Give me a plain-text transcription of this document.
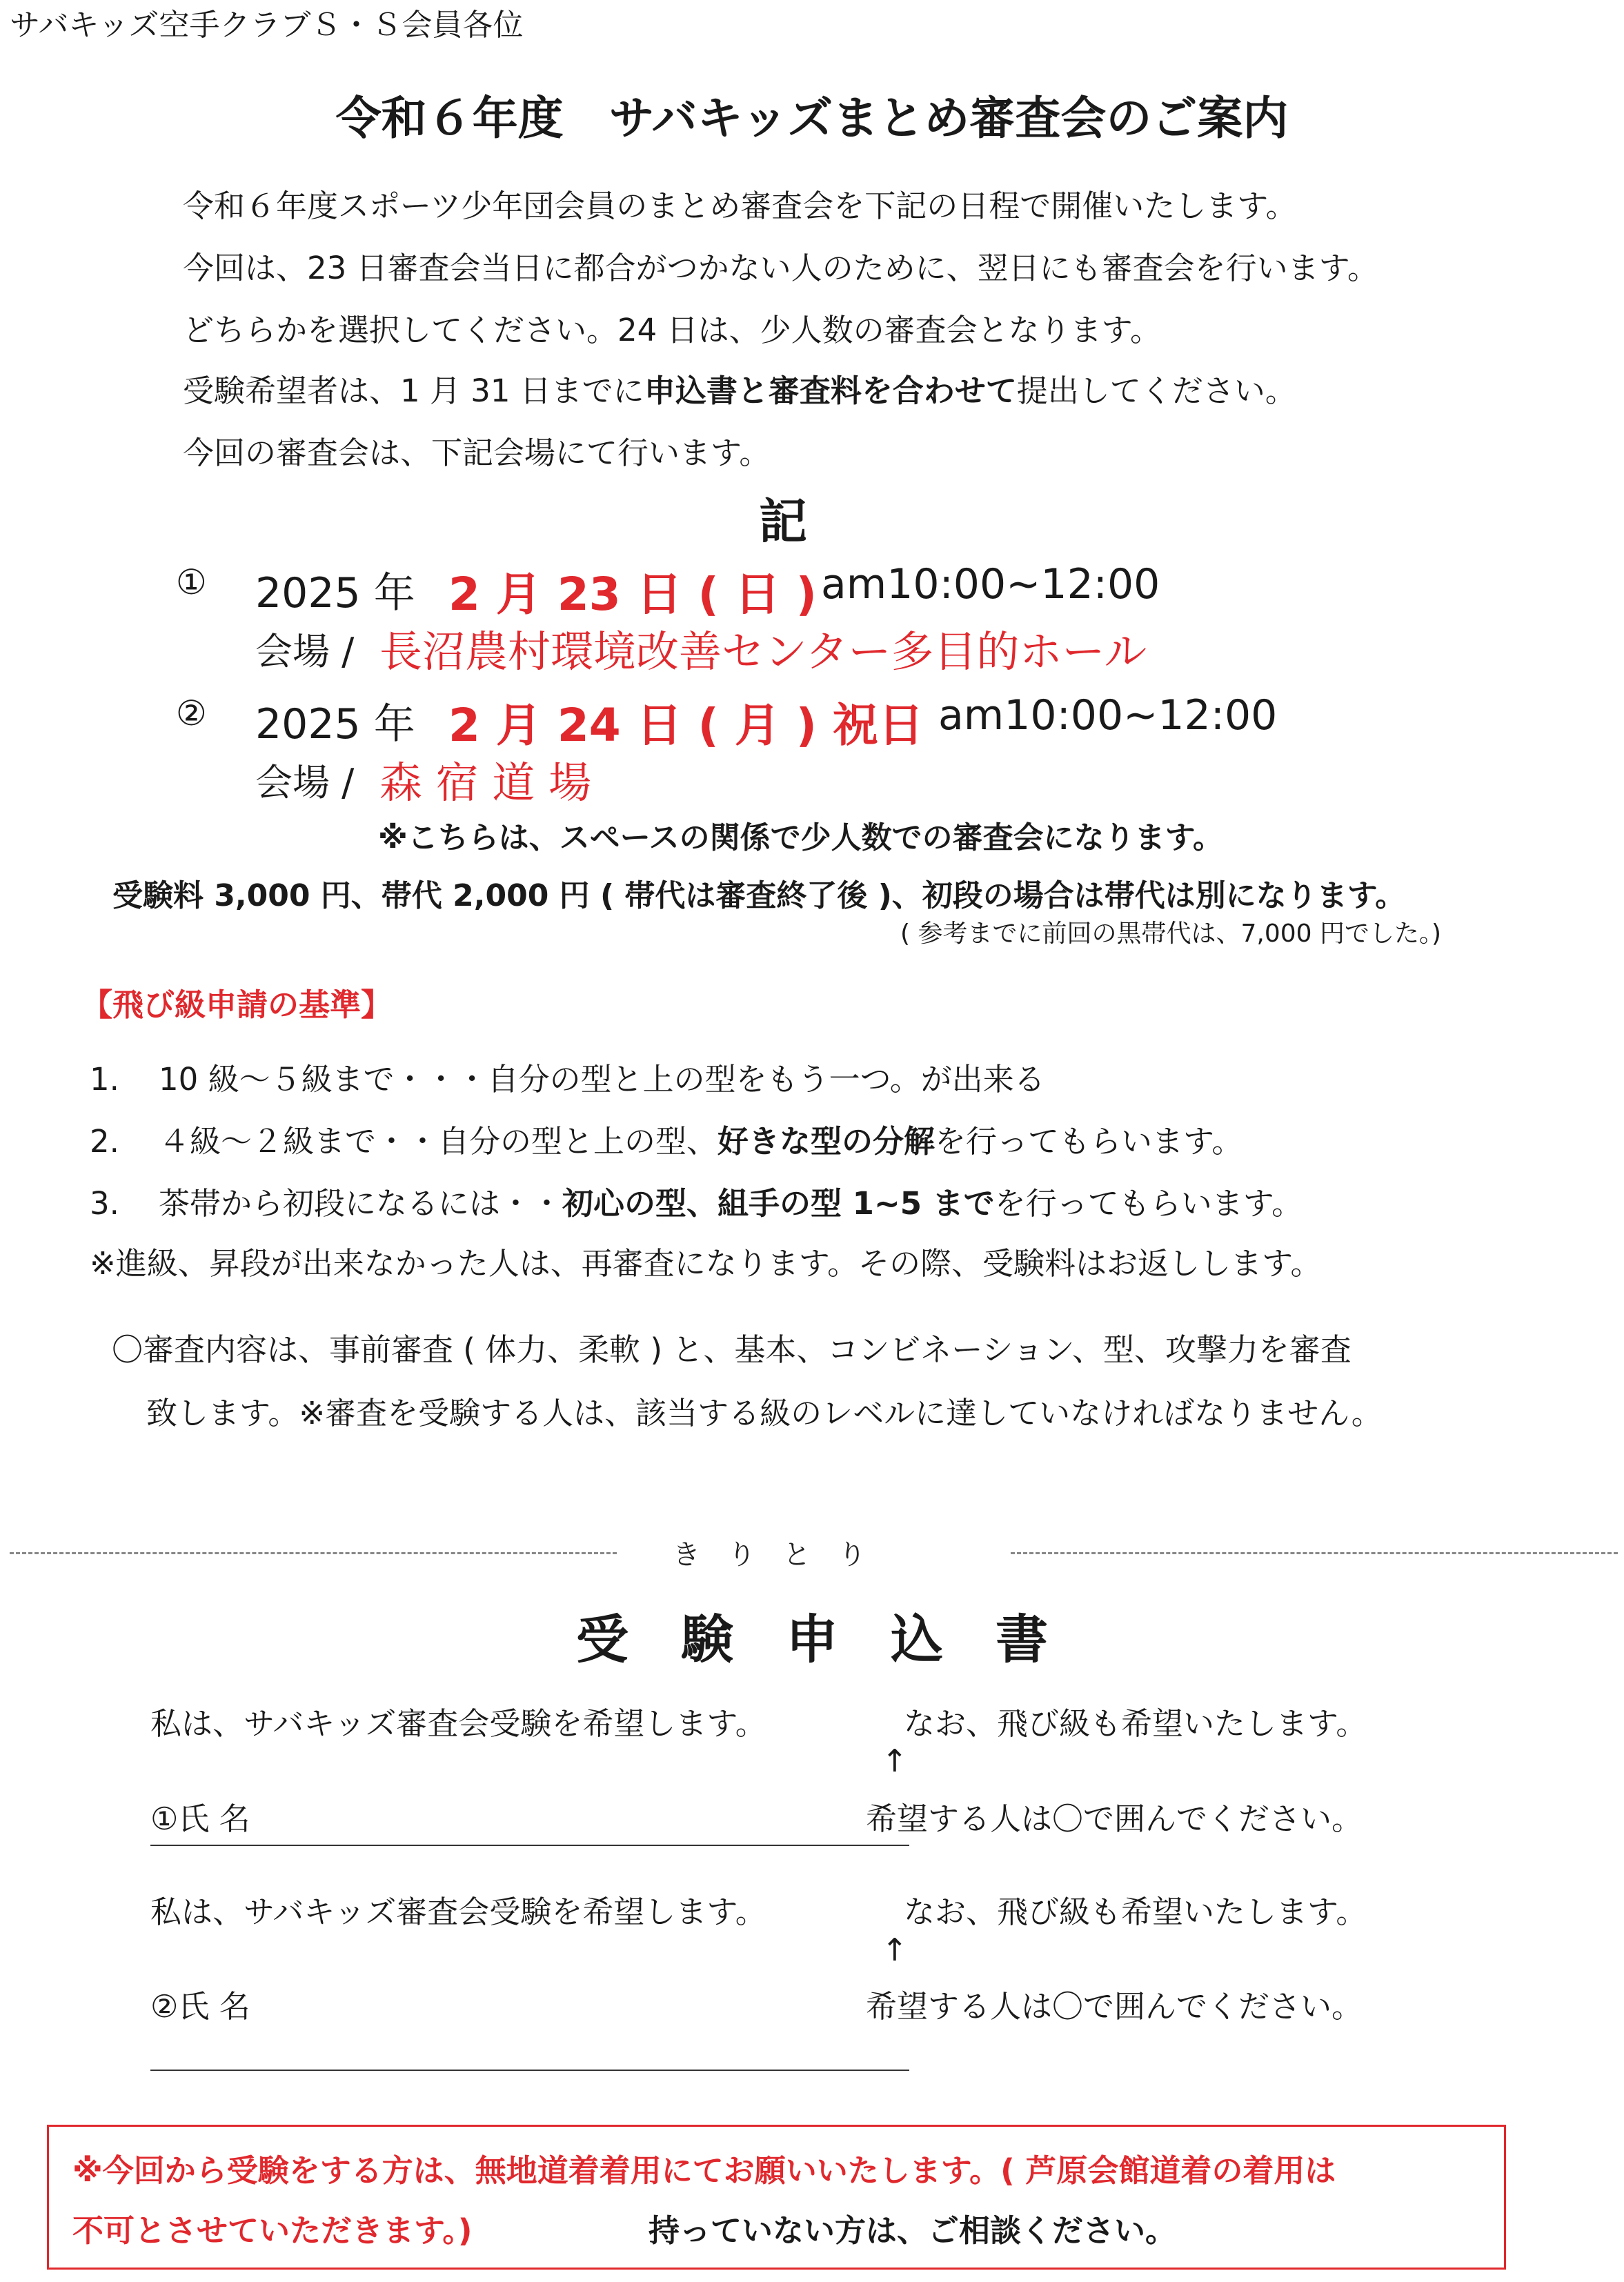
サバキッズ空手クラブＳ・Ｓ会員各位
令和６年度　サバキッズまとめ審査会のご案内
令和６年度スポーツ少年団会員のまとめ審査会を下記の日程で開催いたします。
今回は、23 日審査会当日に都合がつかない人のために、翌日にも審査会を行います。
どちらかを選択してください。24 日は、少人数の審査会となります。
受験希望者は、1 月 31 日までに申込書と審査料を合わせて提出してください。
今回の審査会は、下記会場にて行います。
記
① 2025 年 2 月 23 日 ( 日 ) am10:00~12:00
会場 / 長沼農村環境改善センター多目的ホール
② 2025 年 2 月 24 日 ( 月 ) 祝日 am10:00~12:00
会場 / 森 宿 道 場
※こちらは、スペースの関係で少人数での審査会になります。
受験料 3,000 円、帯代 2,000 円 ( 帯代は審査終了後 )、初段の場合は帯代は別になります。
( 参考までに前回の黒帯代は、7,000 円でした。)
【飛び級申請の基準】
1. 10 級～５級まで・・・自分の型と上の型をもう一つ。が出来る
2. ４級～２級まで・・自分の型と上の型、好きな型の分解を行ってもらいます。
3. 茶帯から初段になるには・・初心の型、組手の型 1~5 までを行ってもらいます。
※進級、昇段が出来なかった人は、再審査になります。その際、受験料はお返しします。
〇審査内容は、事前審査 ( 体力、柔軟 ) と、基本、コンビネーション、型、攻撃力を審査
致します。※審査を受験する人は、該当する級のレベルに達していなければなりません。
き　り　と　り
受　験　申　込　書
私は、サバキッズ審査会受験を希望します。	なお、飛び級も希望いたします。
↑
①氏 名	希望する人は〇で囲んでください。
私は、サバキッズ審査会受験を希望します。	なお、飛び級も希望いたします。
↑
②氏 名	希望する人は〇で囲んでください。
※今回から受験をする方は、無地道着着用にてお願いいたします。( 芦原会館道着の着用は
不可とさせていただきます。)	持っていない方は、ご相談ください。
